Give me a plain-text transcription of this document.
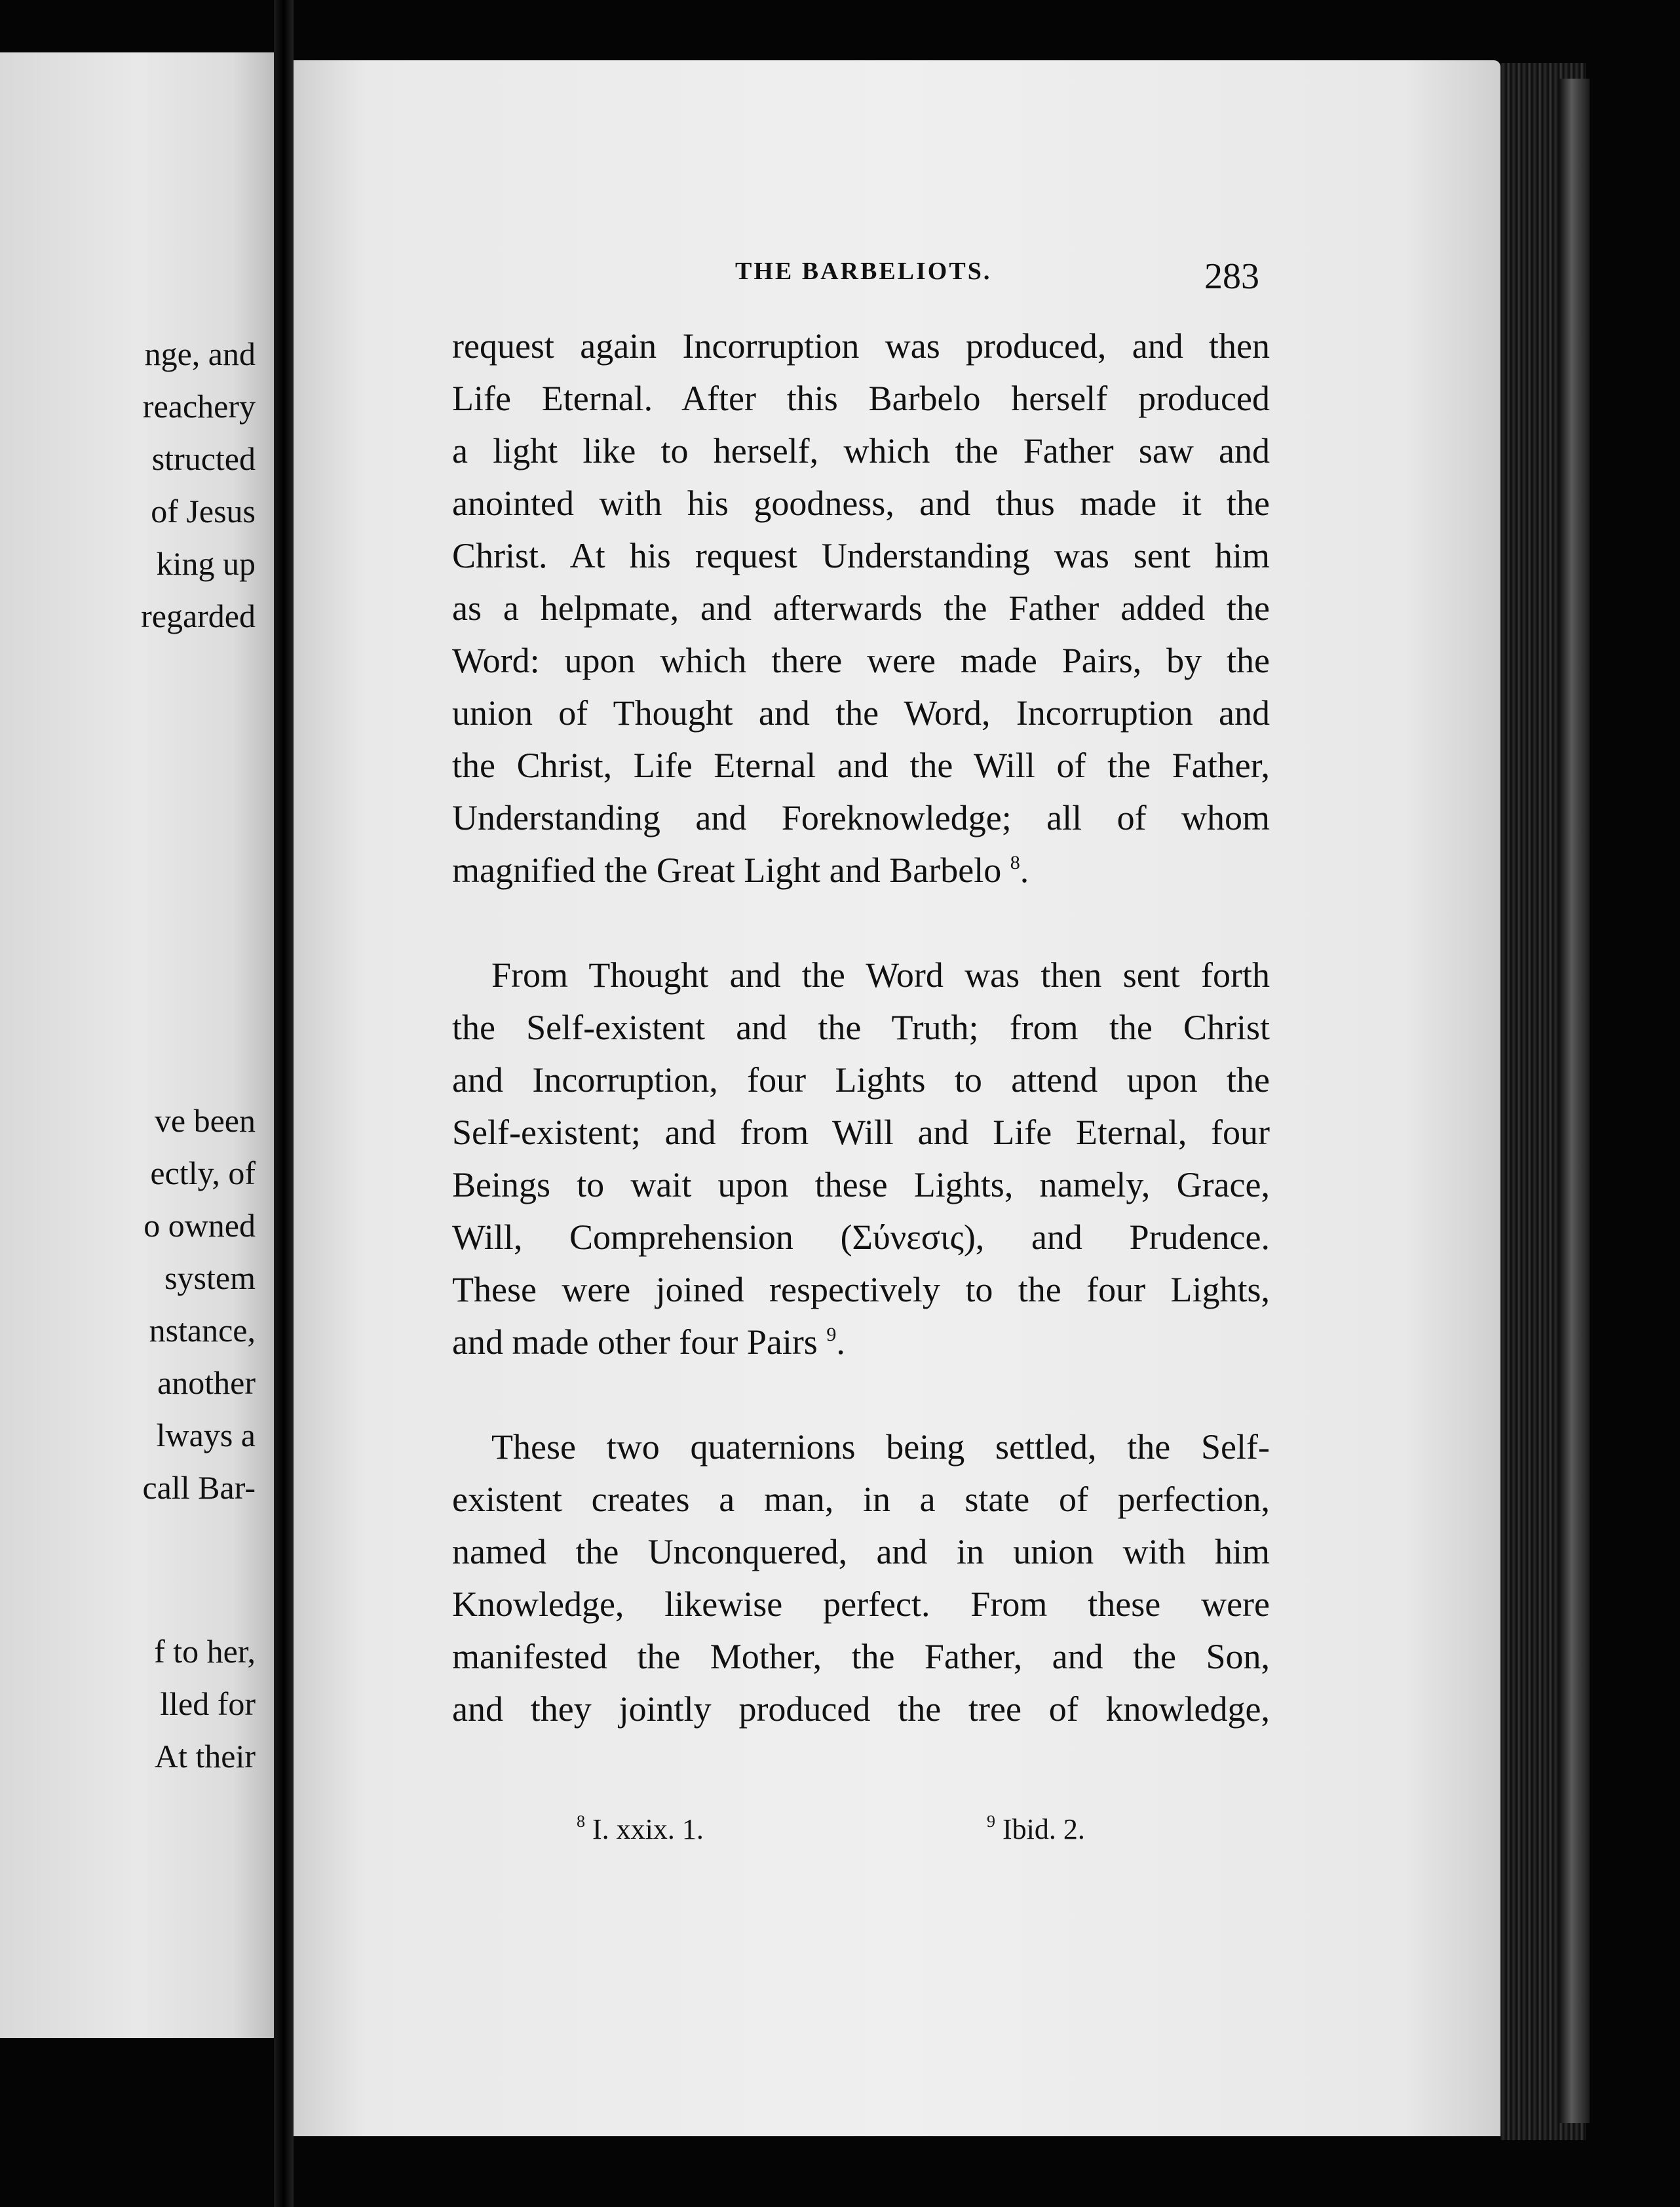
nge, and
reachery
structed
of Jesus
king up
regarded
ve been
ectly, of
o owned
system
nstance,
another
lways a
call Bar-
f to her,
lled for
At their
THE BARBELIOTS.	283
request again Incorruption was produced, and then
Life Eternal. After this Barbelo herself produced
a light like to herself, which the Father saw and
anointed with his goodness, and thus made it the
Christ. At his request Understanding was sent him
as a helpmate, and afterwards the Father added the
Word: upon which there were made Pairs, by the
union of Thought and the Word, Incorruption and
the Christ, Life Eternal and the Will of the Father,
Understanding and Foreknowledge; all of whom
magnified the Great Light and Barbelo $^8$.
From Thought and the Word was then sent forth
the Self-existent and the Truth; from the Christ
and Incorruption, four Lights to attend upon the
Self-existent; and from Will and Life Eternal, four
Beings to wait upon these Lights, namely, Grace,
Will, Comprehension (Σύνεσις), and Prudence.
These were joined respectively to the four Lights,
and made other four Pairs $^9$.
These two quaternions being settled, the Self-
existent creates a man, in a state of perfection,
named the Unconquered, and in union with him
Knowledge, likewise perfect. From these were
manifested the Mother, the Father, and the Son,
and they jointly produced the tree of knowledge,
$^8$ I. xxix. 1.	$^9$ Ibid. 2.
